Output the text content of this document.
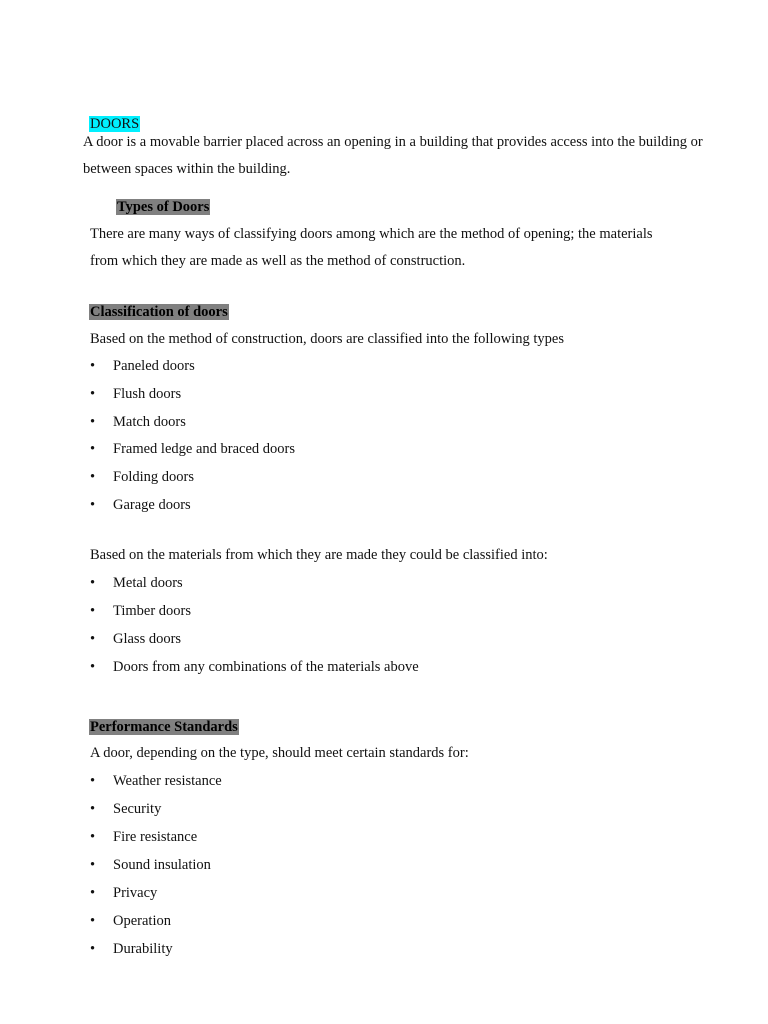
DOORS
A door is a movable barrier placed across an opening in a building that provides access into the building or
between spaces within the building.
Types of Doors
There are many ways of classifying doors among which are the method of opening; the materials
from which they are made as well as the method of construction.
Classification of doors
Based on the method of construction, doors are classified into the following types
• Paneled doors
• Flush doors
• Match doors
• Framed ledge and braced doors
• Folding doors
• Garage doors
Based on the materials from which they are made they could be classified into:
• Metal doors
• Timber doors
• Glass doors
• Doors from any combinations of the materials above
Performance Standards
A door, depending on the type, should meet certain standards for:
• Weather resistance
• Security
• Fire resistance
• Sound insulation
• Privacy
• Operation
• Durability
